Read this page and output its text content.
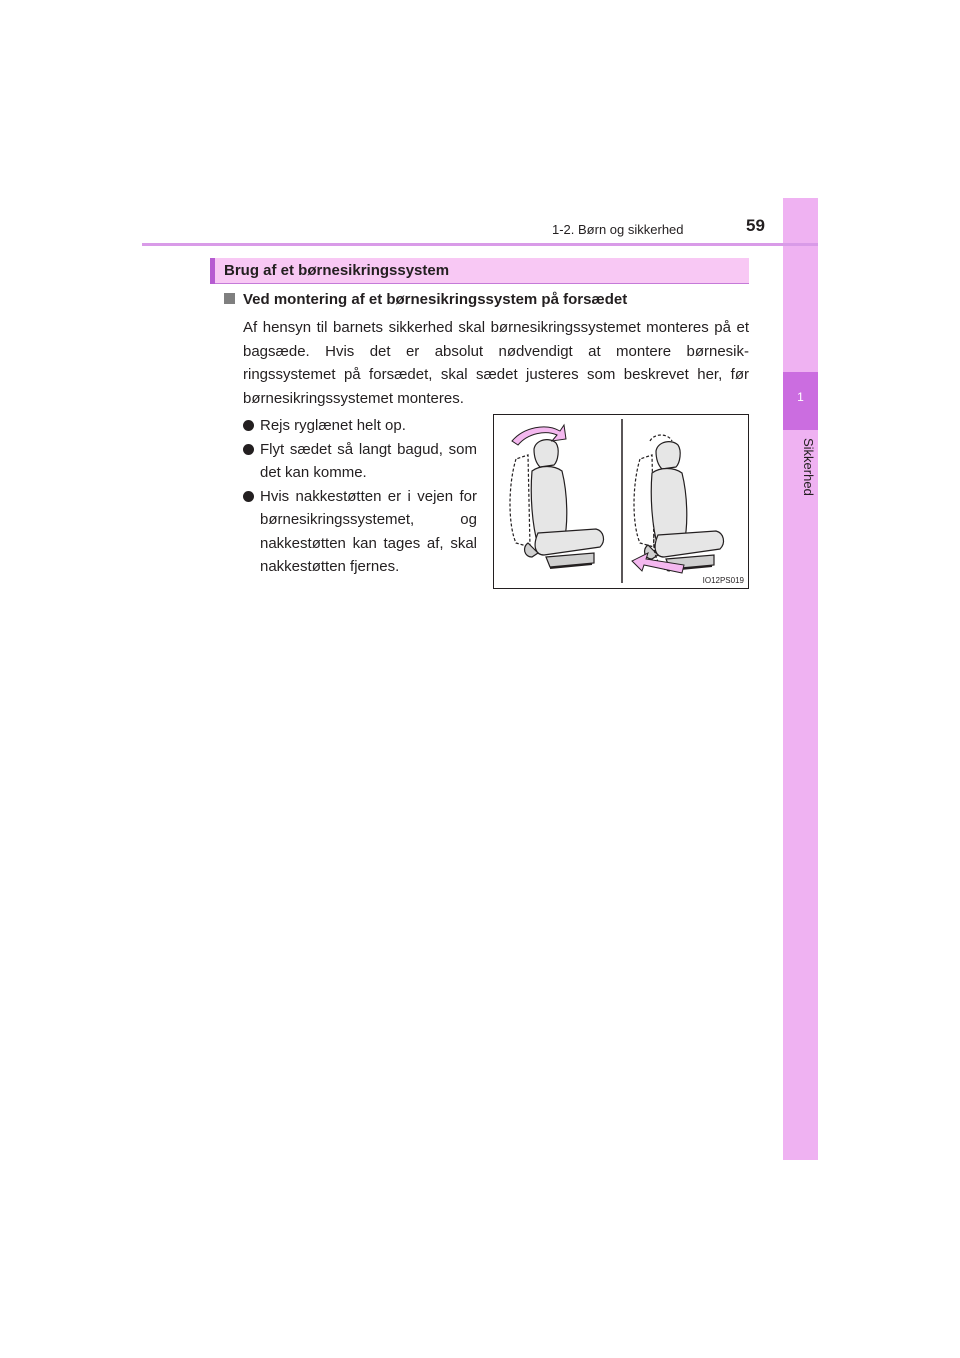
1
Sikkerhed
1-2. Børn og sikkerhed	59
Brug af et børnesikringssystem
Ved montering af et børnesikringssystem på forsædet
Af hensyn til barnets sikkerhed skal børnesikringssystemet monteres på et bagsæde. Hvis det er absolut nødvendigt at montere børnesik-ringssystemet på forsædet, skal sædet justeres som beskrevet her, før børnesikringssystemet monteres.
Rejs ryglænet helt op.
Flyt sædet så langt bagud, som det kan komme.
Hvis nakkestøtten er i vejen for børnesikringssystemet, og nakkestøtten kan tages af, skal nakkestøtten fjernes.
IO12PS019
